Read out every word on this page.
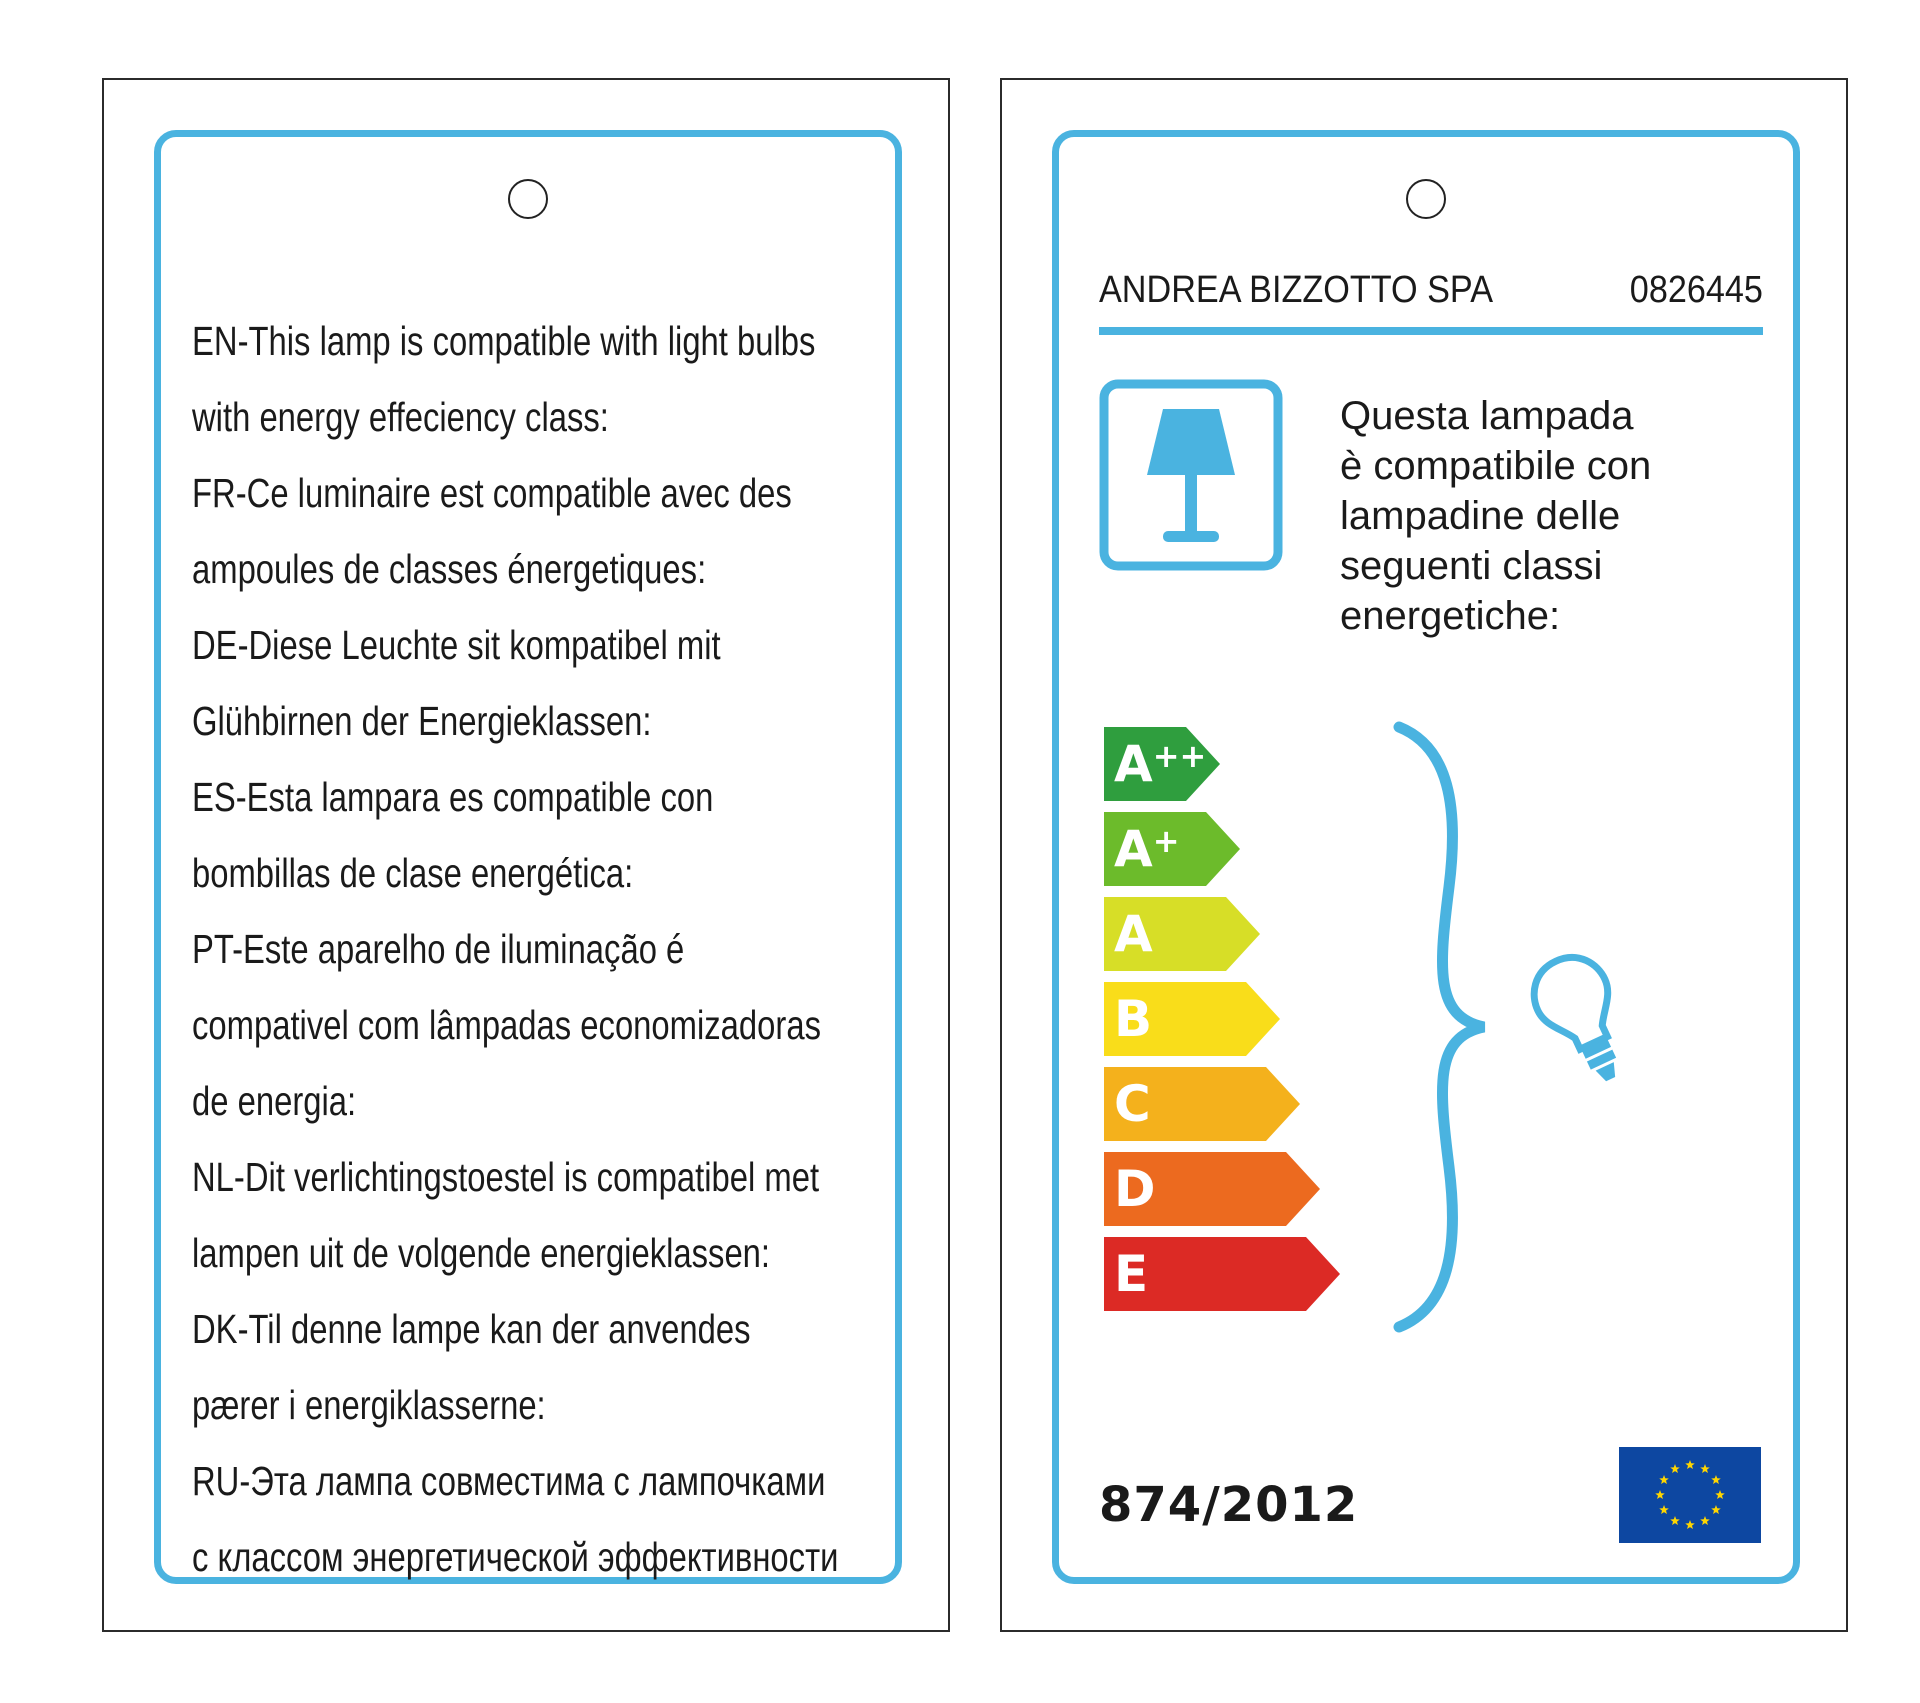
EN-This lamp is compatible with light bulbs
with energy effeciency class:
FR-Ce luminaire est compatible avec des
ampoules de classes énergetiques:
DE-Diese Leuchte sit kompatibel mit
Glühbirnen der Energieklassen:
ES-Esta lampara es compatible con
bombillas de clase energética:
PT-Este aparelho de iluminação é
compativel com lâmpadas economizadoras
de energia:
NL-Dit verlichtingstoestel is compatibel met
lampen uit de volgende energieklassen:
DK-Til denne lampe kan der anvendes
pærer i energiklasserne:
RU-Эта лампа совместима с лампочками
с классом энергетической эффективности
ANDREA BIZZOTTO SPA	0826445
Questa lampada
è compatibile con
lampadine delle
seguenti classi
energetiche:
A++
A+
A
B
C
D
E
874/2012
